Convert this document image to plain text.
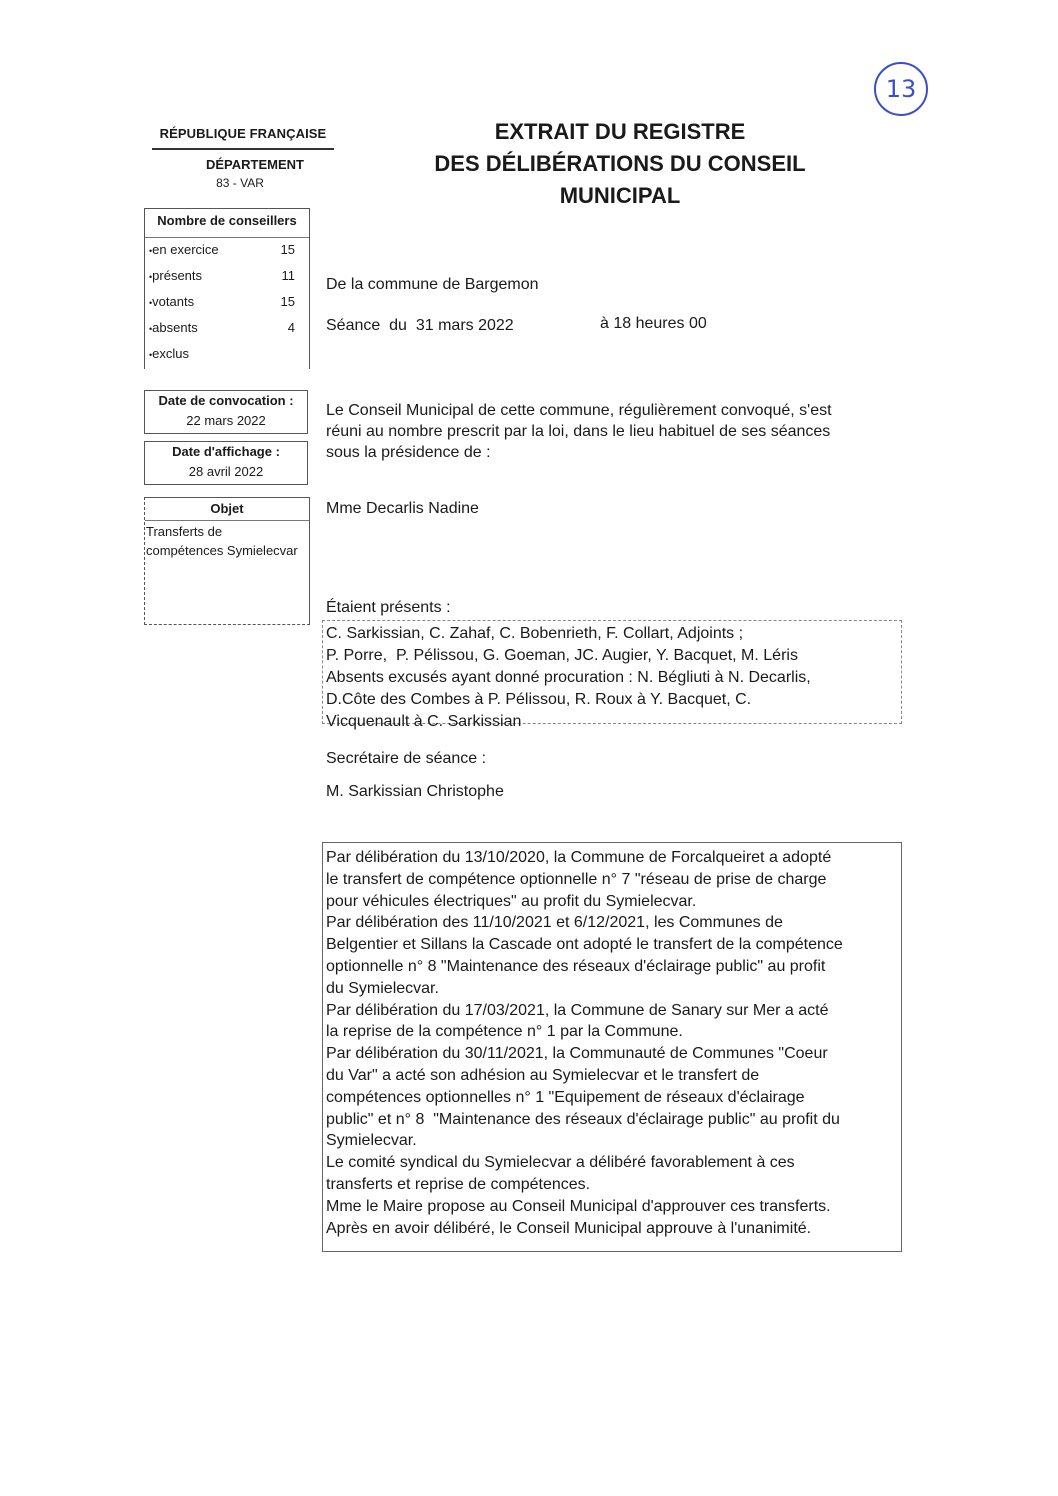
13
RÉPUBLIQUE FRANÇAISE
DÉPARTEMENT
83 - VAR
Nombre de conseillers
• en exercice	15
• présents	11
• votants	15
• absents	4
• exclus
Date de convocation :
22 mars 2022
Date d'affichage :
28 avril 2022
Objet
Transferts de
compétences Symielecvar
EXTRAIT DU REGISTRE
DES DÉLIBÉRATIONS DU CONSEIL
MUNICIPAL
De la commune de Bargemon
Séance  du  31 mars 2022	à 18 heures 00
Le Conseil Municipal de cette commune, régulièrement convoqué, s'est
réuni au nombre prescrit par la loi, dans le lieu habituel de ses séances
sous la présidence de :
Mme Decarlis Nadine
Étaient présents :
C. Sarkissian, C. Zahaf, C. Bobenrieth, F. Collart, Adjoints ;
P. Porre,  P. Pélissou, G. Goeman, JC. Augier, Y. Bacquet, M. Léris
Absents excusés ayant donné procuration : N. Bégliuti à N. Decarlis,
D.Côte des Combes à P. Pélissou, R. Roux à Y. Bacquet, C.
Vicquenault à C. Sarkissian
Secrétaire de séance :
M. Sarkissian Christophe

Par délibération du 13/10/2020, la Commune de Forcalqueiret a adopté

le transfert de compétence optionnelle n° 7 "réseau de prise de charge

pour véhicules électriques" au profit du Symielecvar.

Par délibération des 11/10/2021 et 6/12/2021, les Communes de

Belgentier et Sillans la Cascade ont adopté le transfert de la compétence

optionnelle n° 8 "Maintenance des réseaux d'éclairage public" au profit

du Symielecvar.

Par délibération du 17/03/2021, la Commune de Sanary sur Mer a acté

la reprise de la compétence n° 1 par la Commune.

Par délibération du 30/11/2021, la Communauté de Communes "Coeur

du Var" a acté son adhésion au Symielecvar et le transfert de

compétences optionnelles n° 1 "Equipement de réseaux d'éclairage

public" et n° 8  "Maintenance des réseaux d'éclairage public" au profit du

Symielecvar.

Le comité syndical du Symielecvar a délibéré favorablement à ces

transferts et reprise de compétences.

Mme le Maire propose au Conseil Municipal d'approuver ces transferts.

Après en avoir délibéré, le Conseil Municipal approuve à l'unanimité.
